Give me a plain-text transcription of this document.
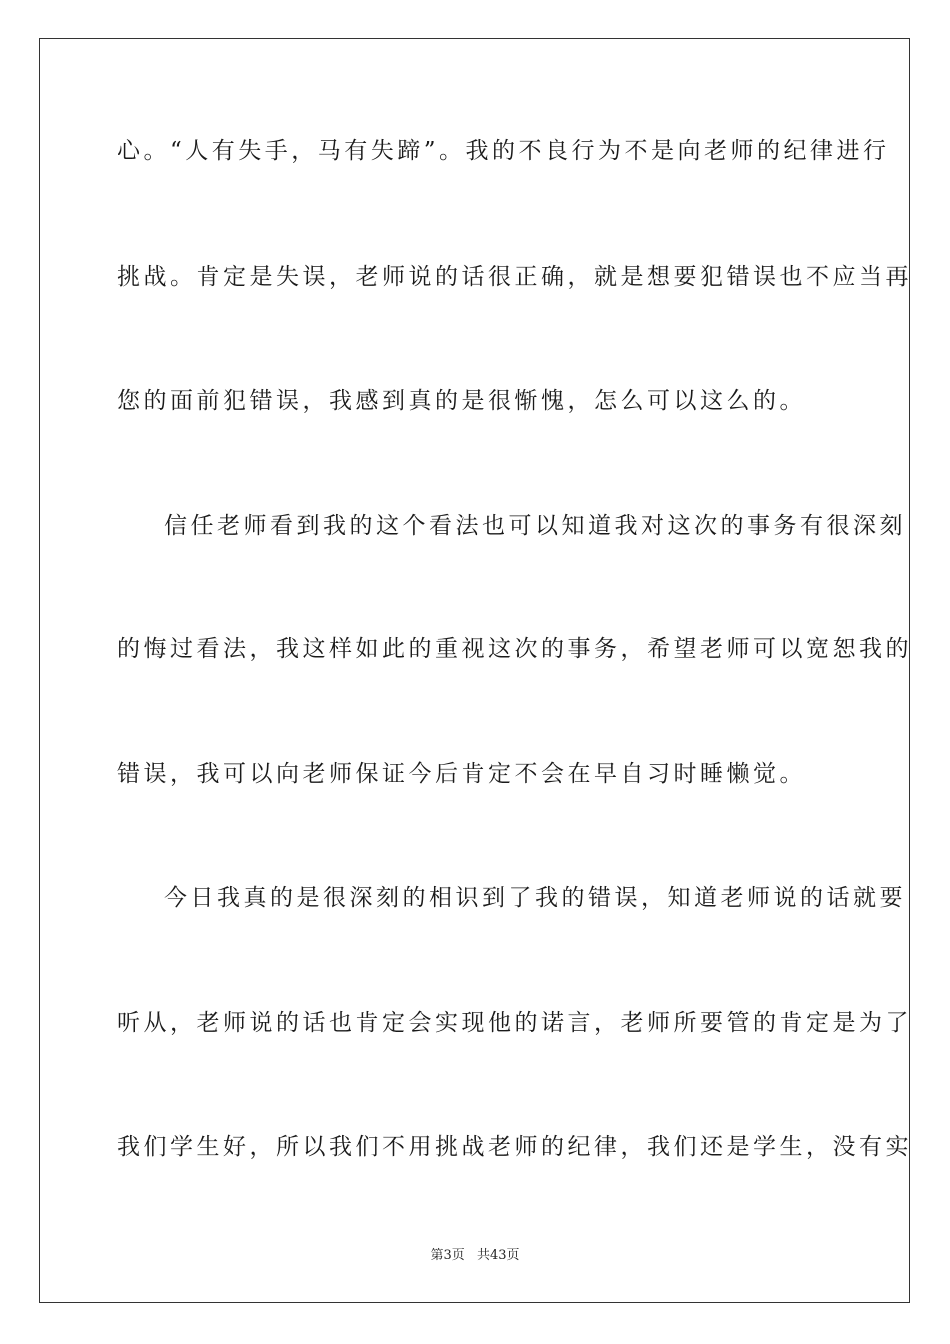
心。“人有失手，马有失蹄”。我的不良行为不是向老师的纪律进行
挑战。肯定是失误，老师说的话很正确，就是想要犯错误也不应当再
您的面前犯错误，我感到真的是很惭愧，怎么可以这么的。
信任老师看到我的这个看法也可以知道我对这次的事务有很深刻
的悔过看法，我这样如此的重视这次的事务，希望老师可以宽恕我的
错误，我可以向老师保证今后肯定不会在早自习时睡懒觉。
今日我真的是很深刻的相识到了我的错误，知道老师说的话就要
听从，老师说的话也肯定会实现他的诺言，老师所要管的肯定是为了
我们学生好，所以我们不用挑战老师的纪律，我们还是学生，没有实
第3页 共43页
